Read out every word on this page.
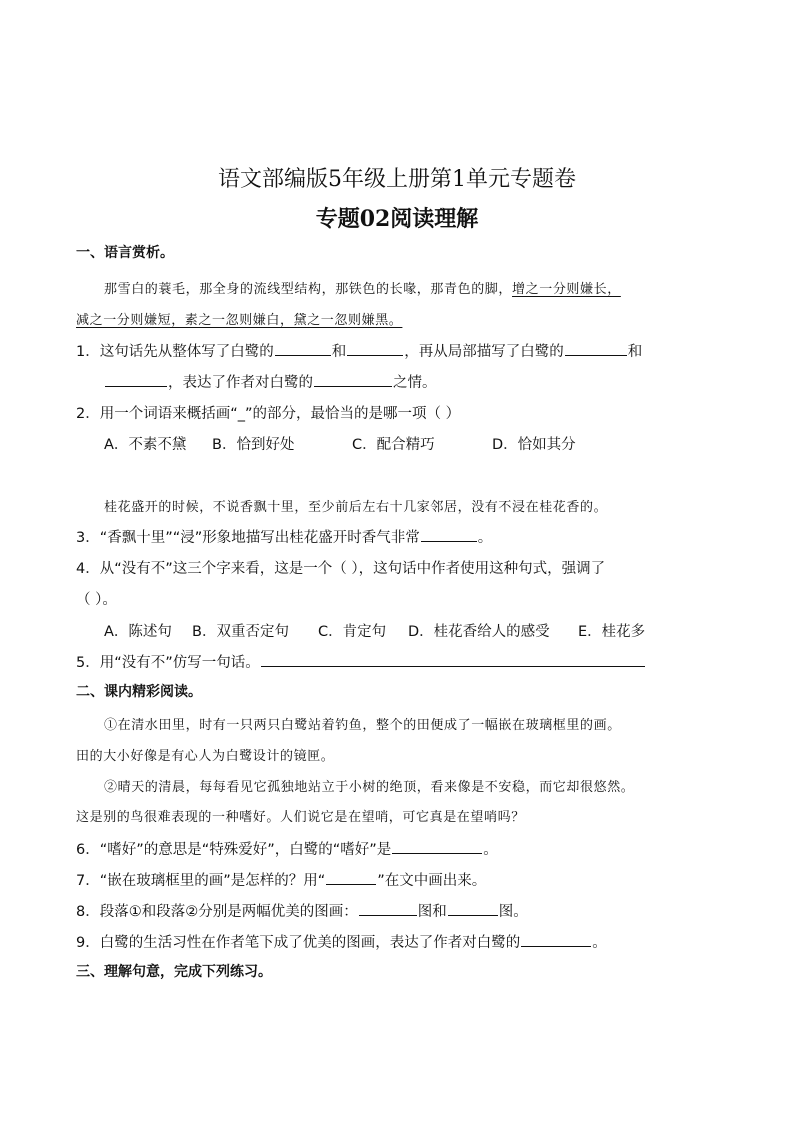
语文部编版5年级上册第1单元专题卷
专题02阅读理解
一、语言赏析。
那雪白的蓑毛，那全身的流线型结构，那铁色的长喙，那青色的脚，增之一分则嫌长，
减之一分则嫌短，素之一忽则嫌白，黛之一忽则嫌黑。
1．这句话先从整体写了白鹭的	和	，再从局部描写了白鹭的	和
，表达了作者对白鹭的	之情。
2．用一个词语来概括画“_”的部分，最恰当的是哪一项（ ）
A．不素不黛 B．恰到好处	C．配合精巧	D．恰如其分
桂花盛开的时候，不说香飘十里，至少前后左右十几家邻居，没有不浸在桂花香的。
3．“香飘十里”“浸”形象地描写出桂花盛开时香气非常	。
4．从“没有不”这三个字来看，这是一个（ ），这句话中作者使用这种句式，强调了
（ ）。
A．陈述句 B．双重否定句 C．肯定句 D．桂花香给人的感受 E．桂花多
5．用“没有不”仿写一句话。
二、课内精彩阅读。
①在清水田里，时有一只两只白鹭站着钓鱼，整个的田便成了一幅嵌在玻璃框里的画。
田的大小好像是有心人为白鹭设计的镜匣。
②晴天的清晨，每每看见它孤独地站立于小树的绝顶，看来像是不安稳，而它却很悠然。
这是别的鸟很难表现的一种嗜好。人们说它是在望哨，可它真是在望哨吗？
6．“嗜好”的意思是“特殊爱好”，白鹭的“嗜好”是	。
7．“嵌在玻璃框里的画”是怎样的？用“	”在文中画出来。
8．段落①和段落②分别是两幅优美的图画：	图和	图。
9．白鹭的生活习性在作者笔下成了优美的图画，表达了作者对白鹭的	。
三、理解句意，完成下列练习。
